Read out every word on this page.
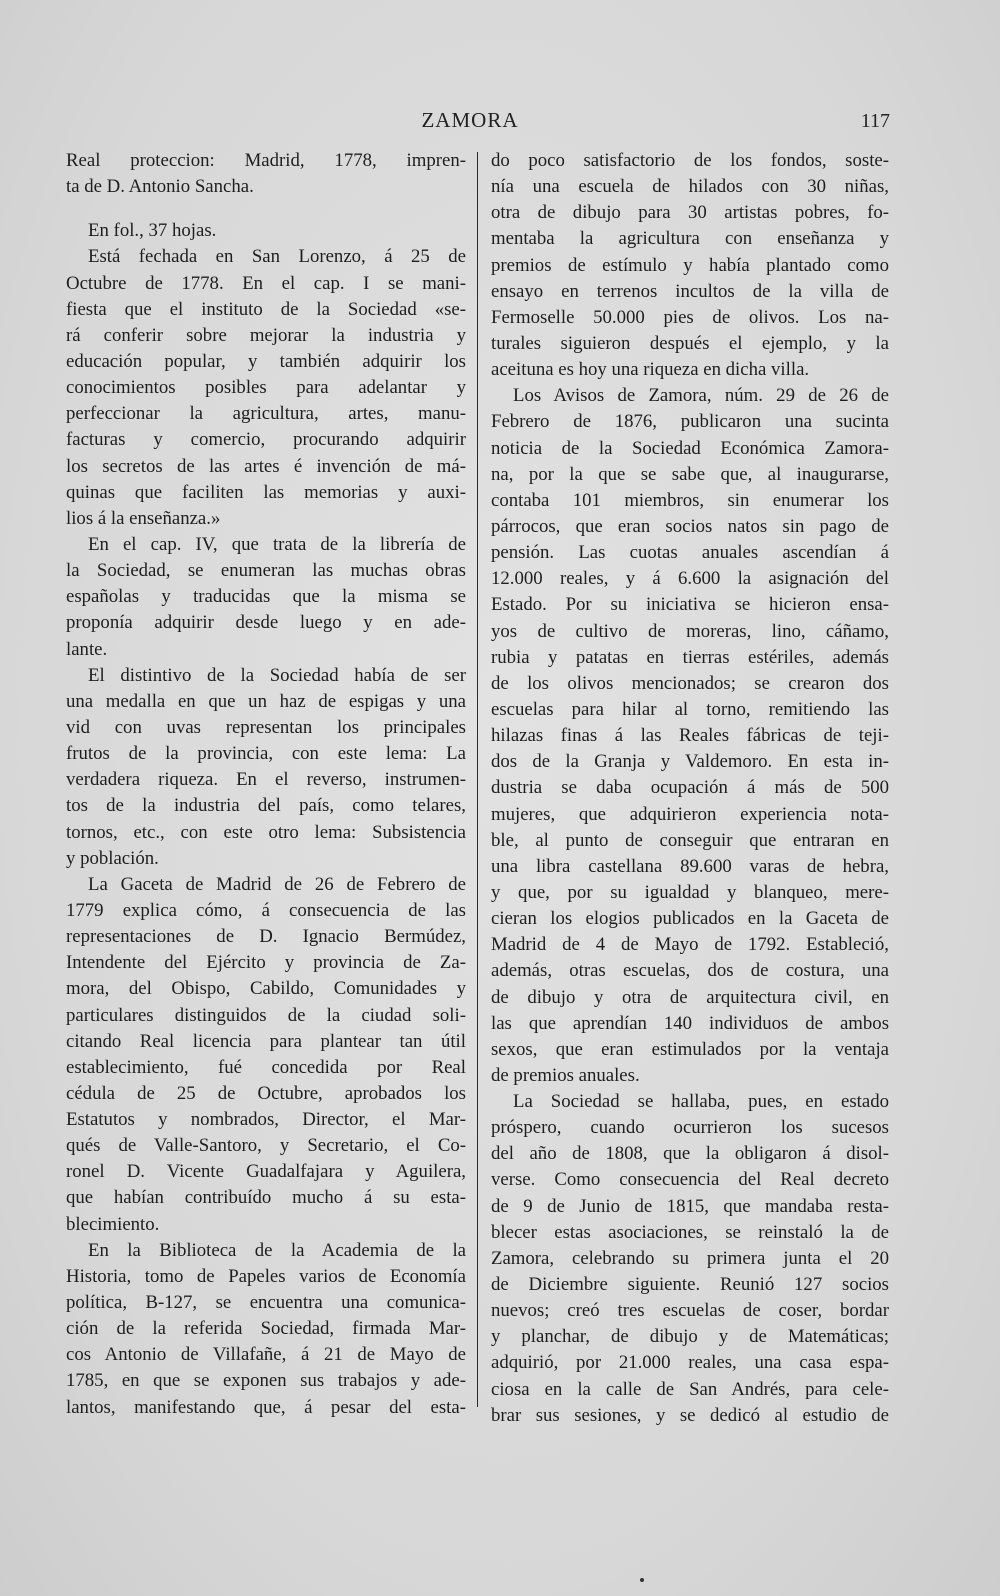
ZAMORA	117
Real proteccion: Madrid, 1778, impren-
ta de D. Antonio Sancha.
En fol., 37 hojas.
Está fechada en San Lorenzo, á 25 de
Octubre de 1778. En el cap. I se mani-
fiesta que el instituto de la Sociedad «se-
rá conferir sobre mejorar la industria y
educación popular, y también adquirir los
conocimientos posibles para adelantar y
perfeccionar la agricultura, artes, manu-
facturas y comercio, procurando adquirir
los secretos de las artes é invención de má-
quinas que faciliten las memorias y auxi-
lios á la enseñanza.»
En el cap. IV, que trata de la librería de
la Sociedad, se enumeran las muchas obras
españolas y traducidas que la misma se
proponía adquirir desde luego y en ade-
lante.
El distintivo de la Sociedad había de ser
una medalla en que un haz de espigas y una
vid con uvas representan los principales
frutos de la provincia, con este lema: La
verdadera riqueza. En el reverso, instrumen-
tos de la industria del país, como telares,
tornos, etc., con este otro lema: Subsistencia
y población.
La Gaceta de Madrid de 26 de Febrero de
1779 explica cómo, á consecuencia de las
representaciones de D. Ignacio Bermúdez,
Intendente del Ejército y provincia de Za-
mora, del Obispo, Cabildo, Comunidades y
particulares distinguidos de la ciudad soli-
citando Real licencia para plantear tan útil
establecimiento, fué concedida por Real
cédula de 25 de Octubre, aprobados los
Estatutos y nombrados, Director, el Mar-
qués de Valle-Santoro, y Secretario, el Co-
ronel D. Vicente Guadalfajara y Aguilera,
que habían contribuído mucho á su esta-
blecimiento.
En la Biblioteca de la Academia de la
Historia, tomo de Papeles varios de Economía
política, B-127, se encuentra una comunica-
ción de la referida Sociedad, firmada Mar-
cos Antonio de Villafañe, á 21 de Mayo de
1785, en que se exponen sus trabajos y ade-
lantos, manifestando que, á pesar del esta-
do poco satisfactorio de los fondos, soste-
nía una escuela de hilados con 30 niñas,
otra de dibujo para 30 artistas pobres, fo-
mentaba la agricultura con enseñanza y
premios de estímulo y había plantado como
ensayo en terrenos incultos de la villa de
Fermoselle 50.000 pies de olivos. Los na-
turales siguieron después el ejemplo, y la
aceituna es hoy una riqueza en dicha villa.
Los Avisos de Zamora, núm. 29 de 26 de
Febrero de 1876, publicaron una sucinta
noticia de la Sociedad Económica Zamora-
na, por la que se sabe que, al inaugurarse,
contaba 101 miembros, sin enumerar los
párrocos, que eran socios natos sin pago de
pensión. Las cuotas anuales ascendían á
12.000 reales, y á 6.600 la asignación del
Estado. Por su iniciativa se hicieron ensa-
yos de cultivo de moreras, lino, cáñamo,
rubia y patatas en tierras estériles, además
de los olivos mencionados; se crearon dos
escuelas para hilar al torno, remitiendo las
hilazas finas á las Reales fábricas de teji-
dos de la Granja y Valdemoro. En esta in-
dustria se daba ocupación á más de 500
mujeres, que adquirieron experiencia nota-
ble, al punto de conseguir que entraran en
una libra castellana 89.600 varas de hebra,
y que, por su igualdad y blanqueo, mere-
cieran los elogios publicados en la Gaceta de
Madrid de 4 de Mayo de 1792. Estableció,
además, otras escuelas, dos de costura, una
de dibujo y otra de arquitectura civil, en
las que aprendían 140 individuos de ambos
sexos, que eran estimulados por la ventaja
de premios anuales.
La Sociedad se hallaba, pues, en estado
próspero, cuando ocurrieron los sucesos
del año de 1808, que la obligaron á disol-
verse. Como consecuencia del Real decreto
de 9 de Junio de 1815, que mandaba resta-
blecer estas asociaciones, se reinstaló la de
Zamora, celebrando su primera junta el 20
de Diciembre siguiente. Reunió 127 socios
nuevos; creó tres escuelas de coser, bordar
y planchar, de dibujo y de Matemáticas;
adquirió, por 21.000 reales, una casa espa-
ciosa en la calle de San Andrés, para cele-
brar sus sesiones, y se dedicó al estudio de
